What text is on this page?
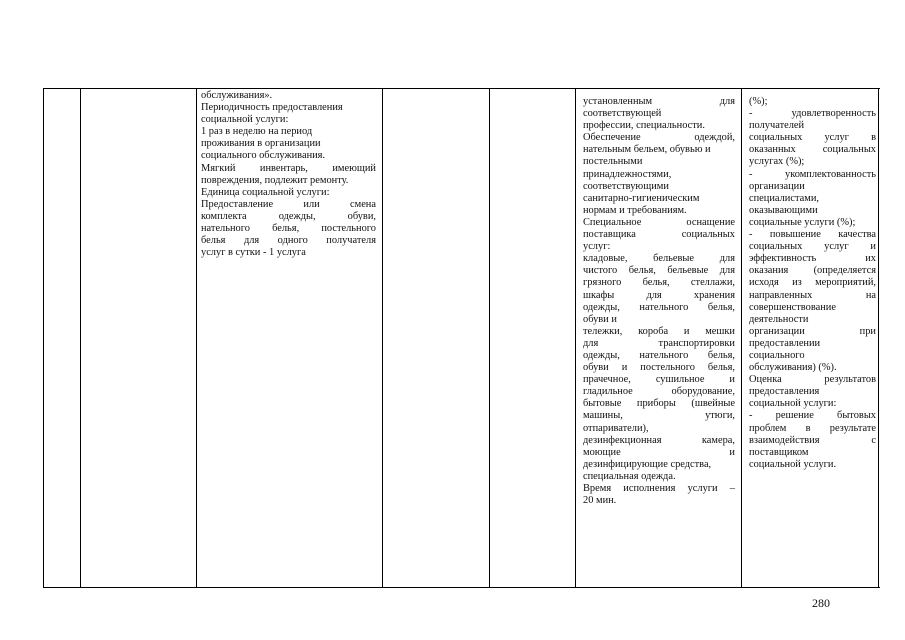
обслуживания».
Периодичность предоставления
социальной услуги:
1 раз в неделю на период
проживания в организации
социального обслуживания.
Мягкий инвентарь, имеющий
повреждения, подлежит ремонту.
Единица социальной услуги:
Предоставление или смена
комплекта одежды, обуви,
нательного белья, постельного
белья для одного получателя
услуг в сутки - 1 услуга
установленным для
соответствующей
профессии, специальности.
Обеспечение одеждой,
нательным бельем, обувью и
постельными
принадлежностями,
соответствующими
санитарно-гигиеническим
нормам и требованиям.
Специальное оснащение
поставщика социальных
услуг:
кладовые, бельевые для
чистого белья, бельевые для
грязного белья, стеллажи,
шкафы для хранения
одежды, нательного белья,
обуви и
тележки, короба и мешки
для транспортировки
одежды, нательного белья,
обуви и постельного белья,
прачечное, сушильное и
гладильное оборудование,
бытовые приборы (швейные
машины, утюги,
отпариватели),
дезинфекционная камера,
моющие и
дезинфицирующие средства,
специальная одежда.
Время исполнения услуги –
20 мин.
(%);
- удовлетворенность
получателей
социальных услуг в
оказанных социальных
услугах (%);
- укомплектованность
организации
специалистами,
оказывающими
социальные услуги (%);
- повышение качества
социальных услуг и
эффективность их
оказания (определяется
исходя из мероприятий,
направленных на
совершенствование
деятельности
организации при
предоставлении
социального
обслуживания) (%).
Оценка результатов
предоставления
социальной услуги:
- решение бытовых
проблем в результате
взаимодействия с
поставщиком
социальной услуги.
280
